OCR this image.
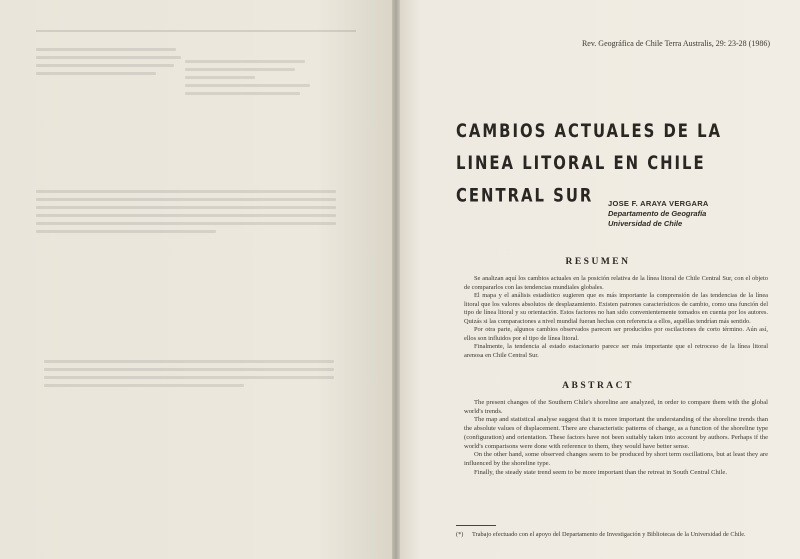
Rev. Geográfica de Chile Terra Australis, 29: 23-28 (1986)
CAMBIOS ACTUALES DE LA LINEA LITORAL EN CHILE CENTRAL SUR	JOSE F. ARAYA VERGARA
Departamento de Geografía
Universidad de Chile
RESUMEN

Se analizan aquí los cambios actuales en la posición relativa de la línea litoral de Chile Central Sur, con el objeto de compararlos con las tendencias mundiales globales.

El mapa y el análisis estadístico sugieren que es más importante la comprensión de las tendencias de la línea litoral que los valores absolutos de desplazamiento. Existen patrones característicos de cambio, como una función del tipo de línea litoral y su orientación. Estos factores no han sido convenientemente tomados en cuenta por los autores. Quizás si las comparaciones a nivel mundial fueran hechas con referencia a ellos, aquéllas tendrían más sentido.

Por otra parte, algunos cambios observados parecen ser producidos por oscilaciones de corto término. Aún así, ellos son influidos por el tipo de línea litoral.

Finalmente, la tendencia al estado estacionario parece ser más importante que el retroceso de la línea litoral arenosa en Chile Central Sur.

ABSTRACT

The present changes of the Southern Chile's shoreline are analyzed, in order to compare them with the global world's trends.

The map and statistical analyse suggest that it is more important the understanding of the shoreline trends than the absolute values of displacement. There are characteristic patterns of change, as a function of the shoreline type (configuration) and orientation. These factors have not been suitably taken into account by authors. Perhaps if the world's comparisons were done with reference to them, they would have better sense.

On the other hand, some observed changes seem to be produced by short term oscillations, but at least they are influenced by the shoreline type.

Finally, the steady state trend seem to be more important than the retreat in South Central Chile.

(*) Trabajo efectuado con el apoyo del Departamento de Investigación y Bibliotecas de la Universidad de Chile.
